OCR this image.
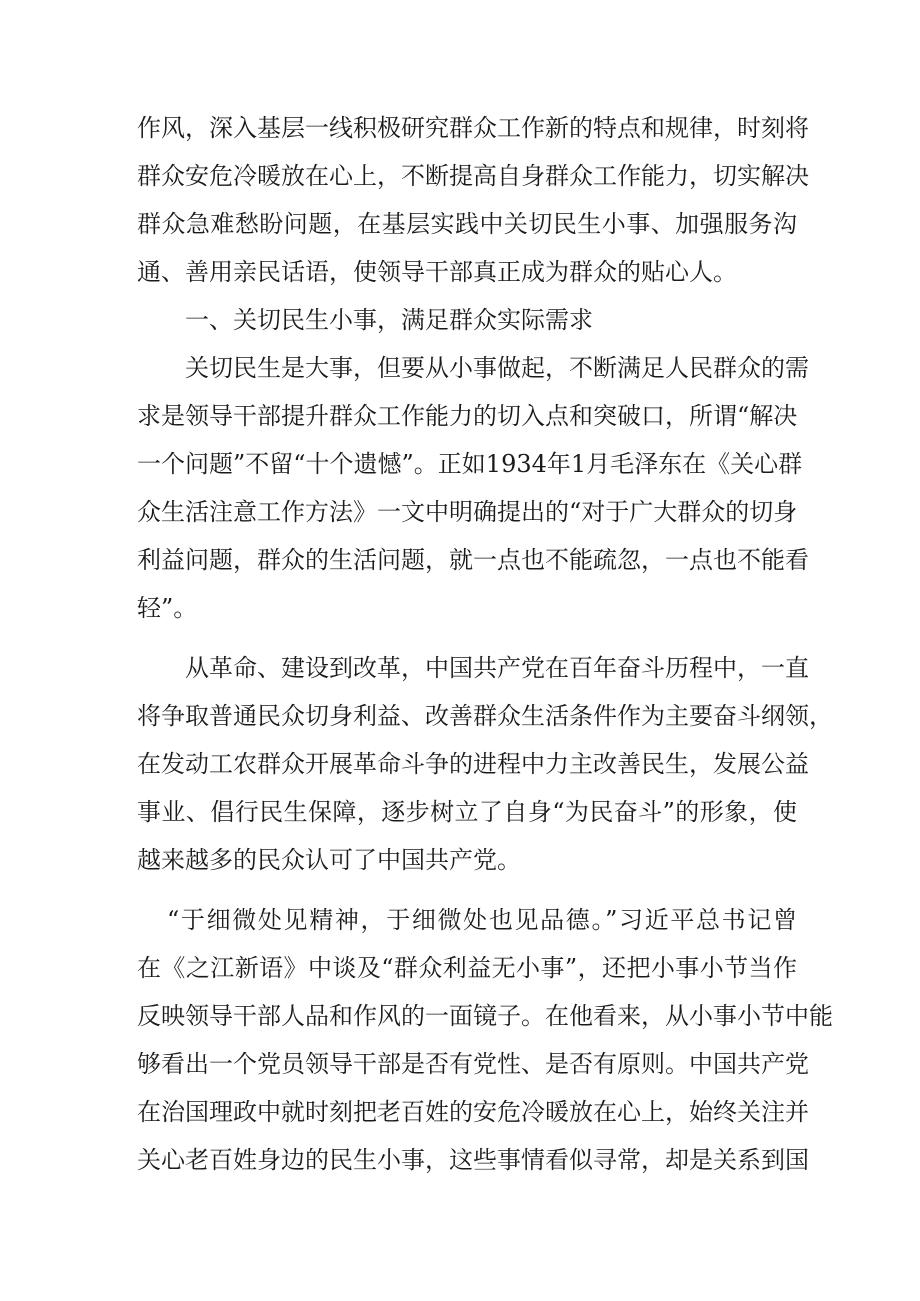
作风，深入基层一线积极研究群众工作新的特点和规律，时刻将
群众安危冷暖放在心上，不断提高自身群众工作能力，切实解决
群众急难愁盼问题，在基层实践中关切民生小事、加强服务沟
通、善用亲民话语，使领导干部真正成为群众的贴心人。
一、关切民生小事，满足群众实际需求
关切民生是大事，但要从小事做起，不断满足人民群众的需
求是领导干部提升群众工作能力的切入点和突破口，所谓“解决
一个问题”不留“十个遗憾”。正如1934年1月毛泽东在《关心群
众生活注意工作方法》一文中明确提出的“对于广大群众的切身
利益问题，群众的生活问题，就一点也不能疏忽，一点也不能看
轻”。
从革命、建设到改革，中国共产党在百年奋斗历程中，一直
将争取普通民众切身利益、改善群众生活条件作为主要奋斗纲领，
在发动工农群众开展革命斗争的进程中力主改善民生，发展公益
事业、倡行民生保障，逐步树立了自身“为民奋斗”的形象，使
越来越多的民众认可了中国共产党。
“于细微处见精神，于细微处也见品德。”习近平总书记曾
在《之江新语》中谈及“群众利益无小事”，还把小事小节当作
反映领导干部人品和作风的一面镜子。在他看来，从小事小节中能
够看出一个党员领导干部是否有党性、是否有原则。中国共产党
在治国理政中就时刻把老百姓的安危冷暖放在心上，始终关注并
关心老百姓身边的民生小事，这些事情看似寻常，却是关系到国
